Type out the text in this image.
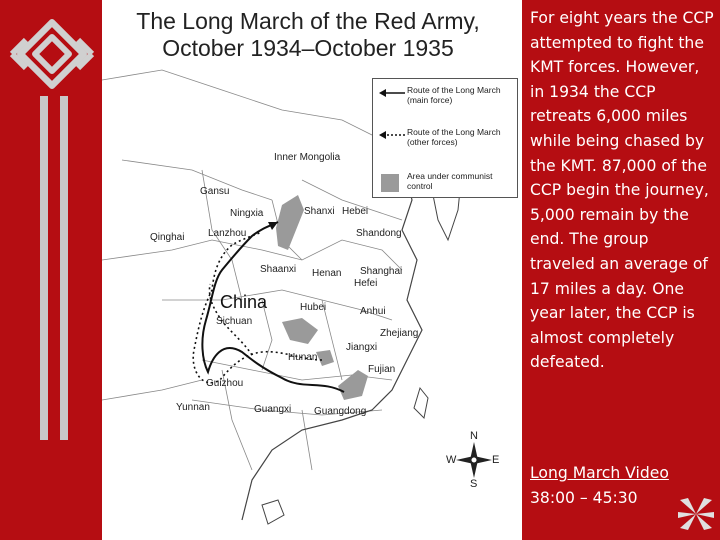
The Long March of the Red Army,
October 1934–October 1935
Route of the Long March (main force)
Route of the Long March (other forces)
Area under communist control
Inner Mongolia
Gansu
Ningxia	Shanxi Hebei
Qinghai Lanzhou	Shandong
Shaanxi Henan Shanghai
Hefei
Hubei	Anhui
Sichuan
Zhejiang
Jiangxi
Hunan
Fujian
Guizhou
Yunnan	Guangxi Guangdong
China
N
S
E
W
For eight years the CCP attempted to fight the KMT forces. However, in 1934 the CCP retreats 6,000 miles while being chased by the KMT. 87,000 of the CCP begin the journey, 5,000 remain by the end. The group traveled an average of 17 miles a day. One year later, the CCP is almost completely defeated.
Long March Video
38:00 – 45:30
